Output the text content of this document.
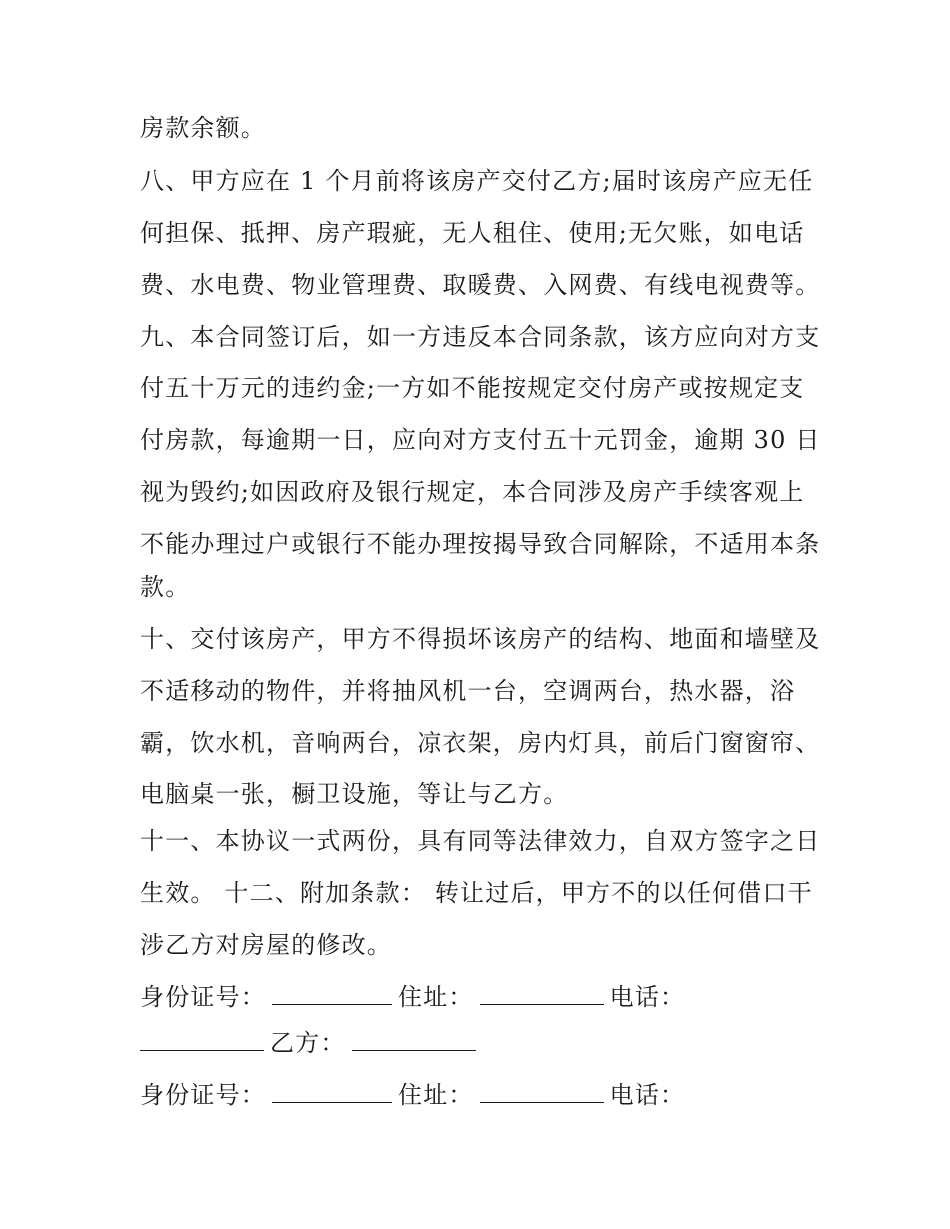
房款余额。
八、甲方应在 1 个月前将该房产交付乙方;届时该房产应无任
何担保、抵押、房产瑕疵，无人租住、使用;无欠账，如电话
费、水电费、物业管理费、取暖费、入网费、有线电视费等。
九、本合同签订后，如一方违反本合同条款，该方应向对方支
付五十万元的违约金;一方如不能按规定交付房产或按规定支
付房款，每逾期一日，应向对方支付五十元罚金，逾期 30 日
视为毁约;如因政府及银行规定，本合同涉及房产手续客观上
不能办理过户或银行不能办理按揭导致合同解除，不适用本条
款。
十、交付该房产，甲方不得损坏该房产的结构、地面和墙壁及
不适移动的物件，并将抽风机一台，空调两台，热水器，浴
霸，饮水机，音响两台，凉衣架，房内灯具，前后门窗窗帘、
电脑桌一张，橱卫设施，等让与乙方。
十一、本协议一式两份，具有同等法律效力，自双方签字之日
生效。 十二、附加条款： 转让过后，甲方不的以任何借口干
涉乙方对房屋的修改。
身份证号：	住址：	电话：
乙方：
身份证号：	住址：	电话：
